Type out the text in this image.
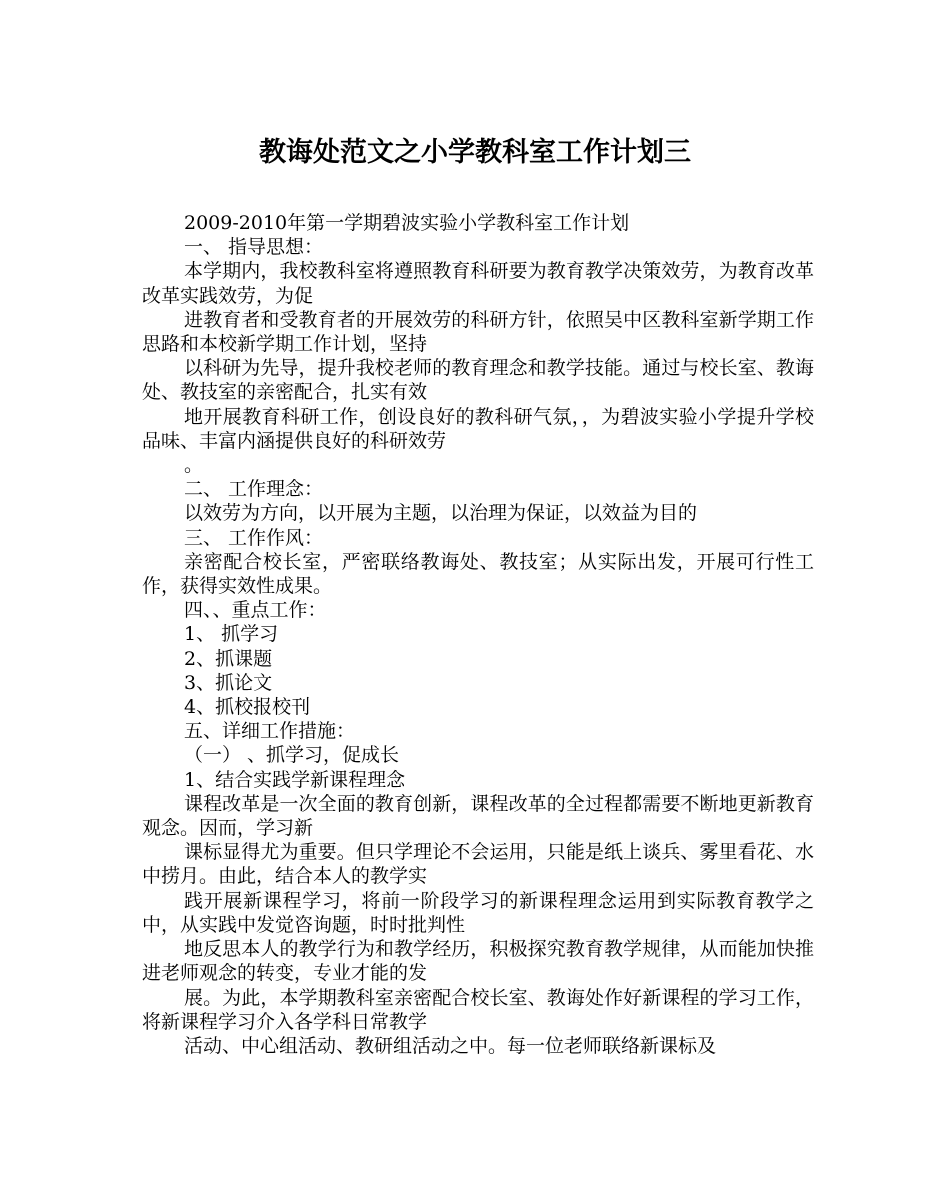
教诲处范文之小学教科室工作计划三

2009-2010年第一学期碧波实验小学教科室工作计划

一、 指导思想：

本学期内，我校教科室将遵照教育科研要为教育教学决策效劳，为教育改革改革实践效劳，为促

进教育者和受教育者的开展效劳的科研方针，依照吴中区教科室新学期工作思路和本校新学期工作计划，坚持

以科研为先导，提升我校老师的教育理念和教学技能。通过与校长室、教诲处、教技室的亲密配合，扎实有效

地开展教育科研工作，创设良好的教科研气氛，，为碧波实验小学提升学校品味、丰富内涵提供良好的科研效劳

。

二、 工作理念：

以效劳为方向，以开展为主题，以治理为保证，以效益为目的

三、 工作作风：

亲密配合校长室，严密联络教诲处、教技室；从实际出发，开展可行性工作，获得实效性成果。

四、、重点工作：

1、 抓学习

2、抓课题

3、抓论文

4、抓校报校刊

五、详细工作措施：

（一） 、抓学习，促成长

1、结合实践学新课程理念

课程改革是一次全面的教育创新，课程改革的全过程都需要不断地更新教育观念。因而，学习新

课标显得尤为重要。但只学理论不会运用，只能是纸上谈兵、雾里看花、水中捞月。由此，结合本人的教学实

践开展新课程学习，将前一阶段学习的新课程理念运用到实际教育教学之中，从实践中发觉咨询题，时时批判性

地反思本人的教学行为和教学经历，积极探究教育教学规律，从而能加快推进老师观念的转变，专业才能的发

展。为此，本学期教科室亲密配合校长室、教诲处作好新课程的学习工作，将新课程学习介入各学科日常教学

活动、中心组活动、教研组活动之中。每一位老师联络新课标及
